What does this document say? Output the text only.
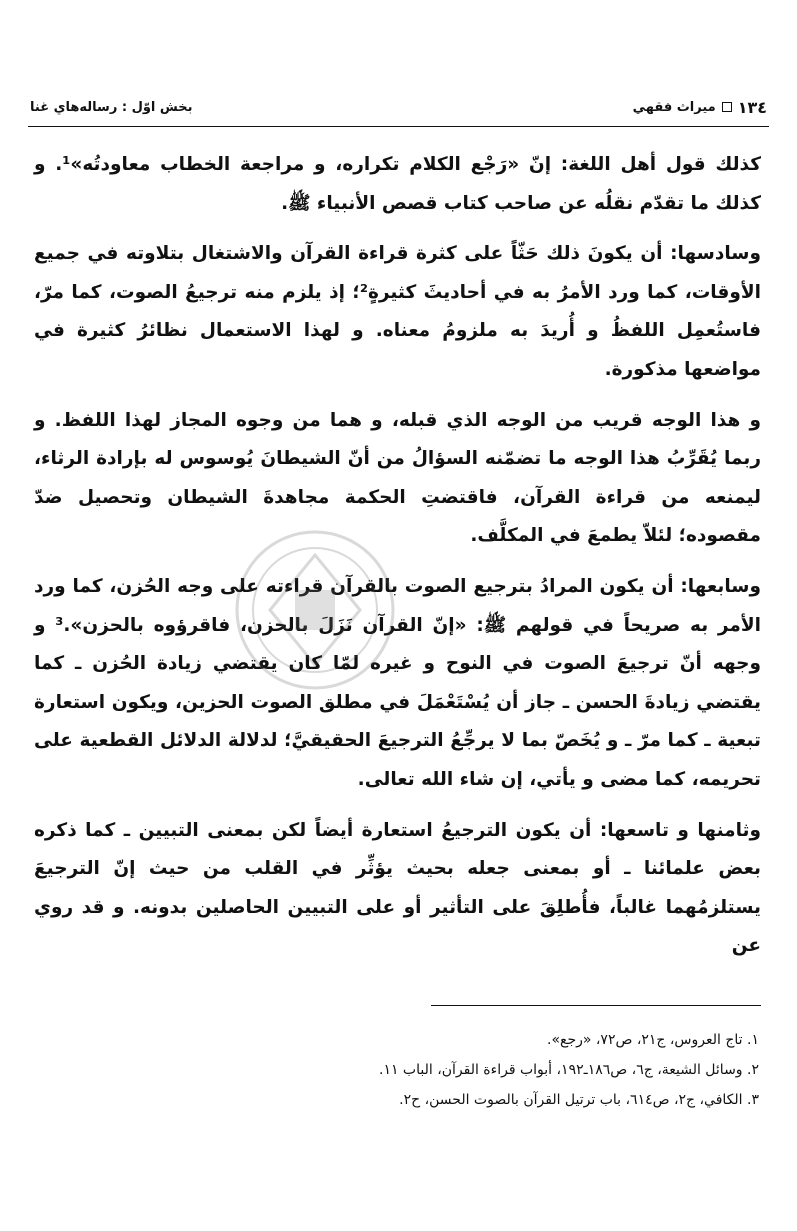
بخش اوّل : رساله‌هاي غنا	١٣٤
ميراث فقهي

كذلك قول أهل اللغة: إنّ «رَجْع الكلام تكراره، و مراجعة الخطاب معاودتُه»¹. و كذلك ما تقدّم نقلُه عن صاحب كتاب قصص الأنبياء ﷺ.

وسادسها: أن يكونَ ذلك حَثّاً على كثرة قراءة القرآن والاشتغال بتلاوته في جميع الأوقات، كما ورد الأمرُ به في أحاديثَ كثيرةٍ²؛ إذ يلزم منه ترجيعُ الصوت، كما مرّ، فاستُعمِل اللفظُ و أُريدَ به ملزومُ معناه. و لهذا الاستعمال نظائرُ كثيرة في مواضعها مذكورة.

و هذا الوجه قريب من الوجه الذي قبله، و هما من وجوه المجاز لهذا اللفظ. و ربما يُقَرِّبُ هذا الوجه ما تضمّنه السؤالُ من أنّ الشيطانَ يُوسوس له بإرادة الرثاء، ليمنعه من قراءة القرآن، فاقتضتِ الحكمة مجاهدةَ الشيطان وتحصيل ضدّ مقصوده؛ لئلاّ يطمعَ في المكلَّف.

وسابعها: أن يكون المرادُ بترجيع الصوت بالقرآن قراءته على وجه الحُزن، كما ورد الأمر به صريحاً في قولهم ﷺ: «إنّ القرآن نَزَلَ بالحزن، فاقرؤوه بالحزن».³ و وجهه أنّ ترجيعَ الصوت في النوح و غيره لمّا كان يقتضي زيادة الحُزن ـ كما يقتضي زيادةَ الحسن ـ جاز أن يُسْتَعْمَلَ في مطلق الصوت الحزين، ويكون استعارة تبعية ـ كما مرّ ـ و يُخَصّ بما لا يرجِّعُ الترجيعَ الحقيقيَّ؛ لدلالة الدلائل القطعية على تحريمه، كما مضى و يأتي، إن شاء الله تعالى.

وثامنها و تاسعها: أن يكون الترجيعُ استعارة أيضاً لكن بمعنى التبيين ـ كما ذكره بعض علمائنا ـ أو بمعنى جعله بحيث يؤثِّر في القلب من حيث إنّ الترجيعَ يستلزمُهما غالباً، فأُطلِقَ على التأثير أو على التبيين الحاصلين بدونه. و قد روي عن

١. تاج العروس، ج٢١، ص٧٢، «رجع».
٢. وسائل الشيعة، ج٦، ص١٨٦ـ١٩٢، أبواب قراءة القرآن، الباب ١١.
٣. الكافي، ج٢، ص٦١٤، باب ترتيل القرآن بالصوت الحسن، ح٢.
